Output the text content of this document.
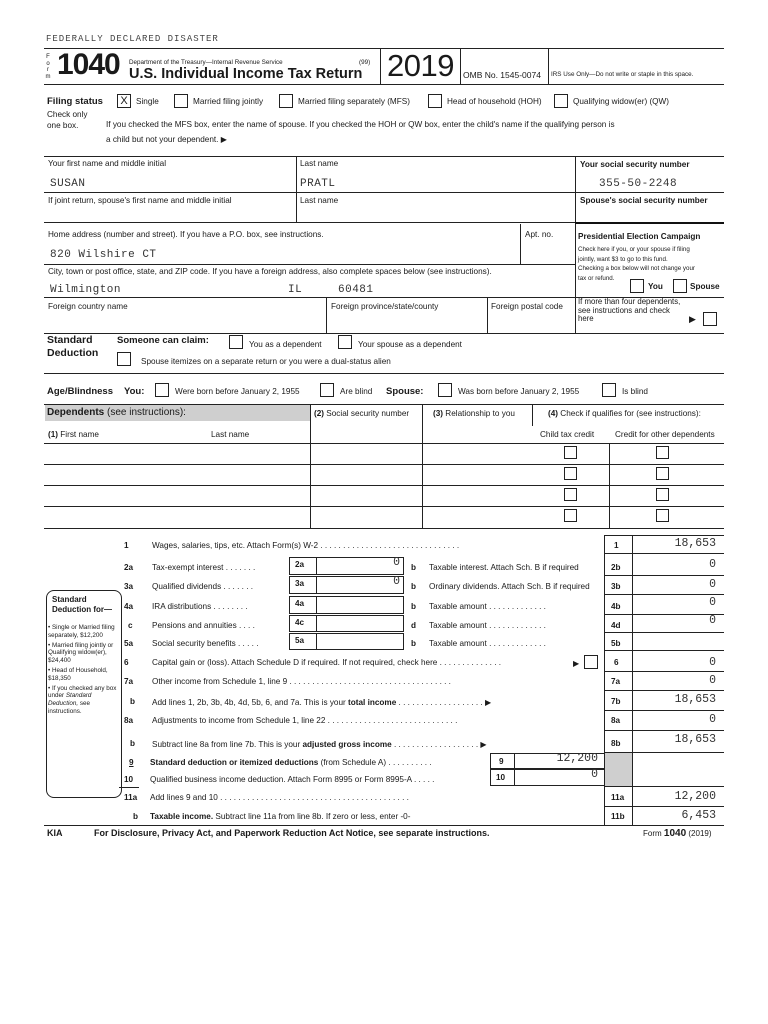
FEDERALLY DECLARED DISASTER
F
o
r
m 1040 Department of the Treasury—Internal Revenue Service	(99)
U.S. Individual Income Tax Return 2019 OMB No. 1545-0074 IRS Use Only—Do not write or staple in this space.
Filing status
Check only one box.
X	Single	Married filing jointly	Married filing separately (MFS)	Head of household (HOH)	Qualifying widow(er) (QW)
If you checked the MFS box, enter the name of spouse. If you checked the HOH or QW box, enter the child's name if the qualifying person is
a child but not your dependent. ▶
Your first name and middle initial
SUSAN
Last name
PRATL
Your social security number
355-50-2248
If joint return, spouse's first name and middle initial	Last name	Spouse's social security number
Home address (number and street). If you have a P.O. box, see instructions.
820 Wilshire CT
Apt. no.
City, town or post office, state, and ZIP code. If you have a foreign address, also complete spaces below (see instructions).
Wilmington	IL	60481
Foreign country name	Foreign province/state/county	Foreign postal code
Presidential Election Campaign
Check here if you, or your spouse if filing
jointly, want $3 to go to this fund.
Checking a box below will not change your
tax or refund.
You	Spouse
If more than four dependents,
see instructions and check
here	▶
Standard
Deduction
Someone can claim:	You as a dependent	Your spouse as a dependent
Spouse itemizes on a separate return or you were a dual-status alien
Age/Blindness You:	Were born before January 2, 1955	Are blind Spouse:	Was born before January 2, 1955	Is blind
Dependents (see instructions):	(2) Social security number	(3) Relationship to you	(4) Check if qualifies for (see instructions):
(1) First name	Last name	Child tax credit	Credit for other dependents
Standard
Deduction for—
• Single or Married filing separately, $12,200
• Married filing jointly or Qualifying widow(er), $24,400
• Head of Household, $18,350
• If you checked any box under Standard Deduction, see instructions.
1	Wages, salaries, tips, etc. Attach Form(s) W-2 . . . . . . . . . . . . . . . . . . . . . . . . . . . . . . .	1	18,653
2a Tax-exempt interest . . . . . . .	2a	0 b Taxable interest. Attach Sch. B if required	2b	0
3a Qualified dividends . . . . . . .	3a	0 b Ordinary dividends. Attach Sch. B if required	3b	0
4a IRA distributions . . . . . . . .	4a	b Taxable amount . . . . . . . . . . . . .	4b	0
c Pensions and annuities . . . .	4c	d Taxable amount . . . . . . . . . . . . .	4d	0
5a Social security benefits . . . . .	5a	b Taxable amount . . . . . . . . . . . . .	5b
6	Capital gain or (loss). Attach Schedule D if required. If not required, check here . . . . . . . . . . . . . .	▶	6	0
7a Other income from Schedule 1, line 9 . . . . . . . . . . . . . . . . . . . . . . . . . . . . . . . . . . . .	7a	0
b Add lines 1, 2b, 3b, 4b, 4d, 5b, 6, and 7a. This is your total income . . . . . . . . . . . . . . . . . . . ▶	7b	18,653
8a Adjustments to income from Schedule 1, line 22 . . . . . . . . . . . . . . . . . . . . . . . . . . . . .	8a	0
b Subtract line 8a from line 7b. This is your adjusted gross income . . . . . . . . . . . . . . . . . . . ▶	8b	18,653
9 Standard deduction or itemized deductions (from Schedule A) . . . . . . . . . .	9	12,200
10 Qualified business income deduction. Attach Form 8995 or Form 8995-A . . . . .	10	0
11a Add lines 9 and 10 . . . . . . . . . . . . . . . . . . . . . . . . . . . . . . . . . . . . . . . . . .	11a	12,200
b Taxable income. Subtract line 11a from line 8b. If zero or less, enter -0-	11b	6,453
KIA	For Disclosure, Privacy Act, and Paperwork Reduction Act Notice, see separate instructions.	Form 1040 (2019)
